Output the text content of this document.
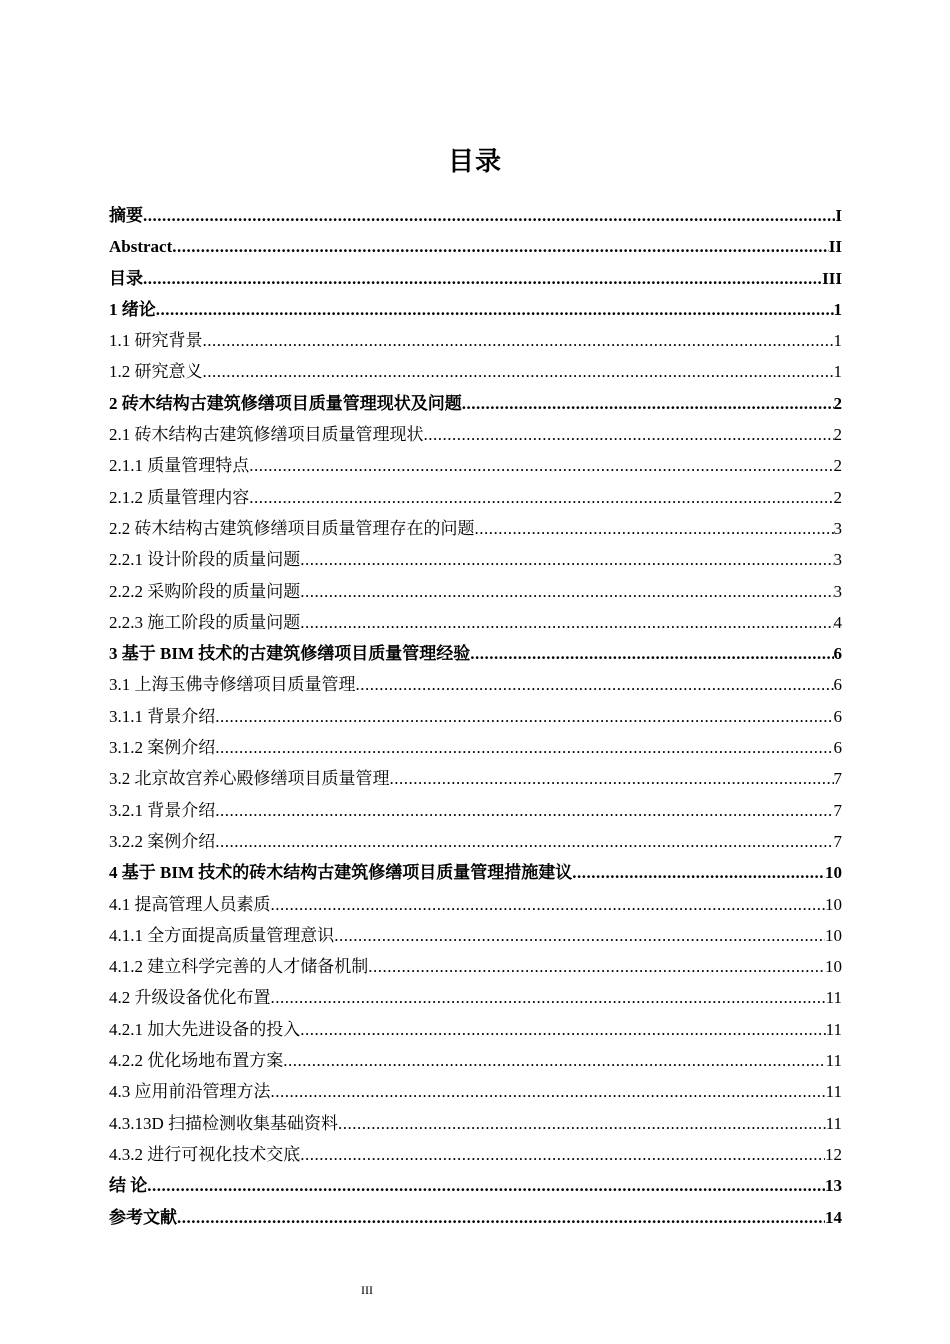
目录
摘要 .....	I
Abstract .....	II
目录 .....	III
1 绪论 .....	1
1.1 研究背景 .....	1
1.2 研究意义 .....	1
2 砖木结构古建筑修缮项目质量管理现状及问题 .....	2
2.1 砖木结构古建筑修缮项目质量管理现状 .....	2
2.1.1 质量管理特点 .....	2
2.1.2 质量管理内容 .....	2
2.2 砖木结构古建筑修缮项目质量管理存在的问题 .....	3
2.2.1 设计阶段的质量问题 .....	3
2.2.2 采购阶段的质量问题 .....	3
2.2.3 施工阶段的质量问题 .....	4
3 基于 BIM 技术的古建筑修缮项目质量管理经验 .....	6
3.1 上海玉佛寺修缮项目质量管理 .....	6
3.1.1 背景介绍 .....	6
3.1.2 案例介绍 .....	6
3.2 北京故宫养心殿修缮项目质量管理 .....	7
3.2.1 背景介绍 .....	7
3.2.2 案例介绍 .....	7
4 基于 BIM 技术的砖木结构古建筑修缮项目质量管理措施建议 .....	10
4.1 提高管理人员素质 .....	10
4.1.1 全方面提高质量管理意识 .....	10
4.1.2 建立科学完善的人才储备机制 .....	10
4.2 升级设备优化布置 .....	11
4.2.1 加大先进设备的投入 .....	11
4.2.2 优化场地布置方案 .....	11
4.3 应用前沿管理方法 .....	11
4.3.13D 扫描检测收集基础资料 .....	11
4.3.2 进行可视化技术交底 .....	12
结 论 .....	13
参考文献 .....	14
III
